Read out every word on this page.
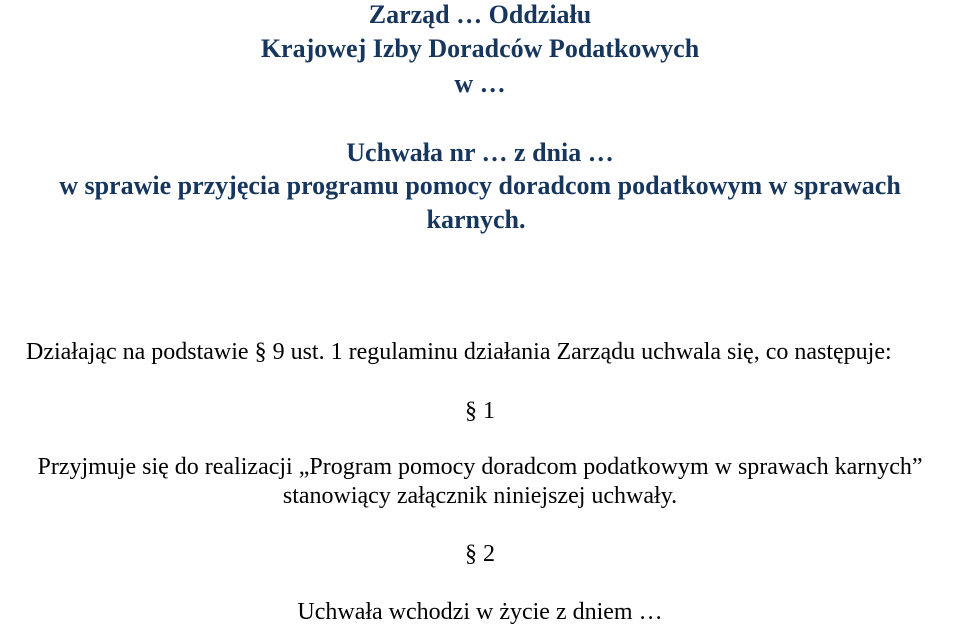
Zarząd … Oddziału
Krajowej Izby Doradców Podatkowych
w …
Uchwała nr … z dnia …
w sprawie przyjęcia programu pomocy doradcom podatkowym w sprawach
karnych.
Działając na podstawie § 9 ust. 1 regulaminu działania Zarządu uchwala się, co następuje:
§ 1
Przyjmuje się do realizacji „Program pomocy doradcom podatkowym w sprawach karnych”
stanowiący załącznik niniejszej uchwały.
§ 2
Uchwała wchodzi w życie z dniem …
